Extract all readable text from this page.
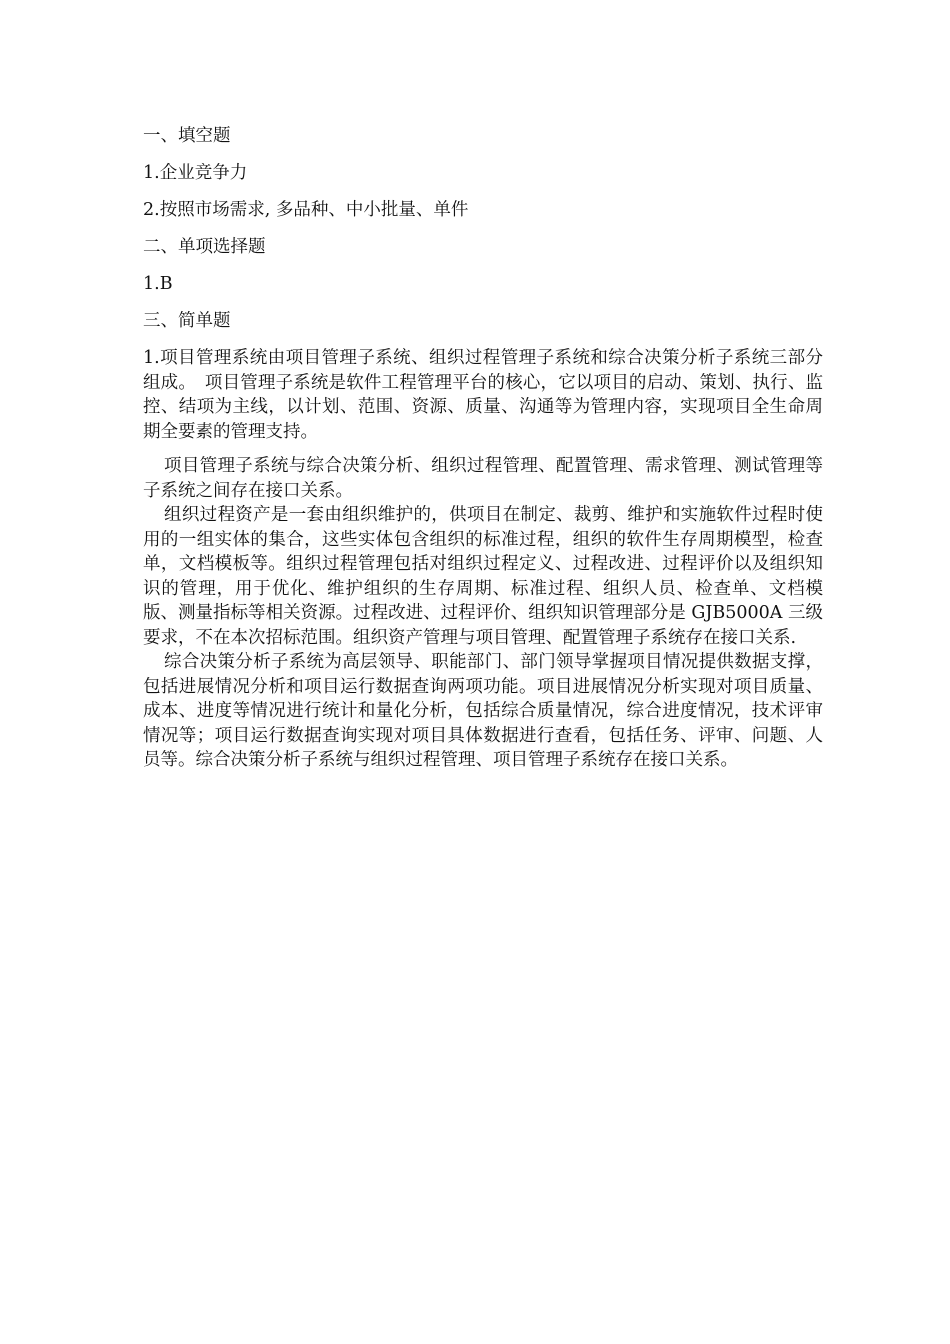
一、填空题

1.企业竞争力

2.按照市场需求, 多品种、中小批量、单件

二、单项选择题

1.B

三、简单题

1.项目管理系统由项目管理子系统、组织过程管理子系统和综合决策分析子系统三部分组成。　项目管理子系统是软件工程管理平台的核心，它以项目的启动、策划、执行、监控、结项为主线，以计划、范围、资源、质量、沟通等为管理内容，实现项目全生命周期全要素的管理支持。

项目管理子系统与综合决策分析、组织过程管理、配置管理、需求管理、测试管理等子系统之间存在接口关系。

组织过程资产是一套由组织维护的，供项目在制定、裁剪、维护和实施软件过程时使用的一组实体的集合，这些实体包含组织的标准过程，组织的软件生存周期模型，检查单，文档模板等。组织过程管理包括对组织过程定义、过程改进、过程评价以及组织知识的管理，用于优化、维护组织的生存周期、标准过程、组织人员、检查单、文档模版、测量指标等相关资源。过程改进、过程评价、组织知识管理部分是 GJB5000A 三级要求，不在本次招标范围。组织资产管理与项目管理、配置管理子系统存在接口关系.

综合决策分析子系统为高层领导、职能部门、部门领导掌握项目情况提供数据支撑，包括进展情况分析和项目运行数据查询两项功能。项目进展情况分析实现对项目质量、成本、进度等情况进行统计和量化分析，包括综合质量情况，综合进度情况，技术评审情况等；项目运行数据查询实现对项目具体数据进行查看，包括任务、评审、问题、人员等。综合决策分析子系统与组织过程管理、项目管理子系统存在接口关系。
